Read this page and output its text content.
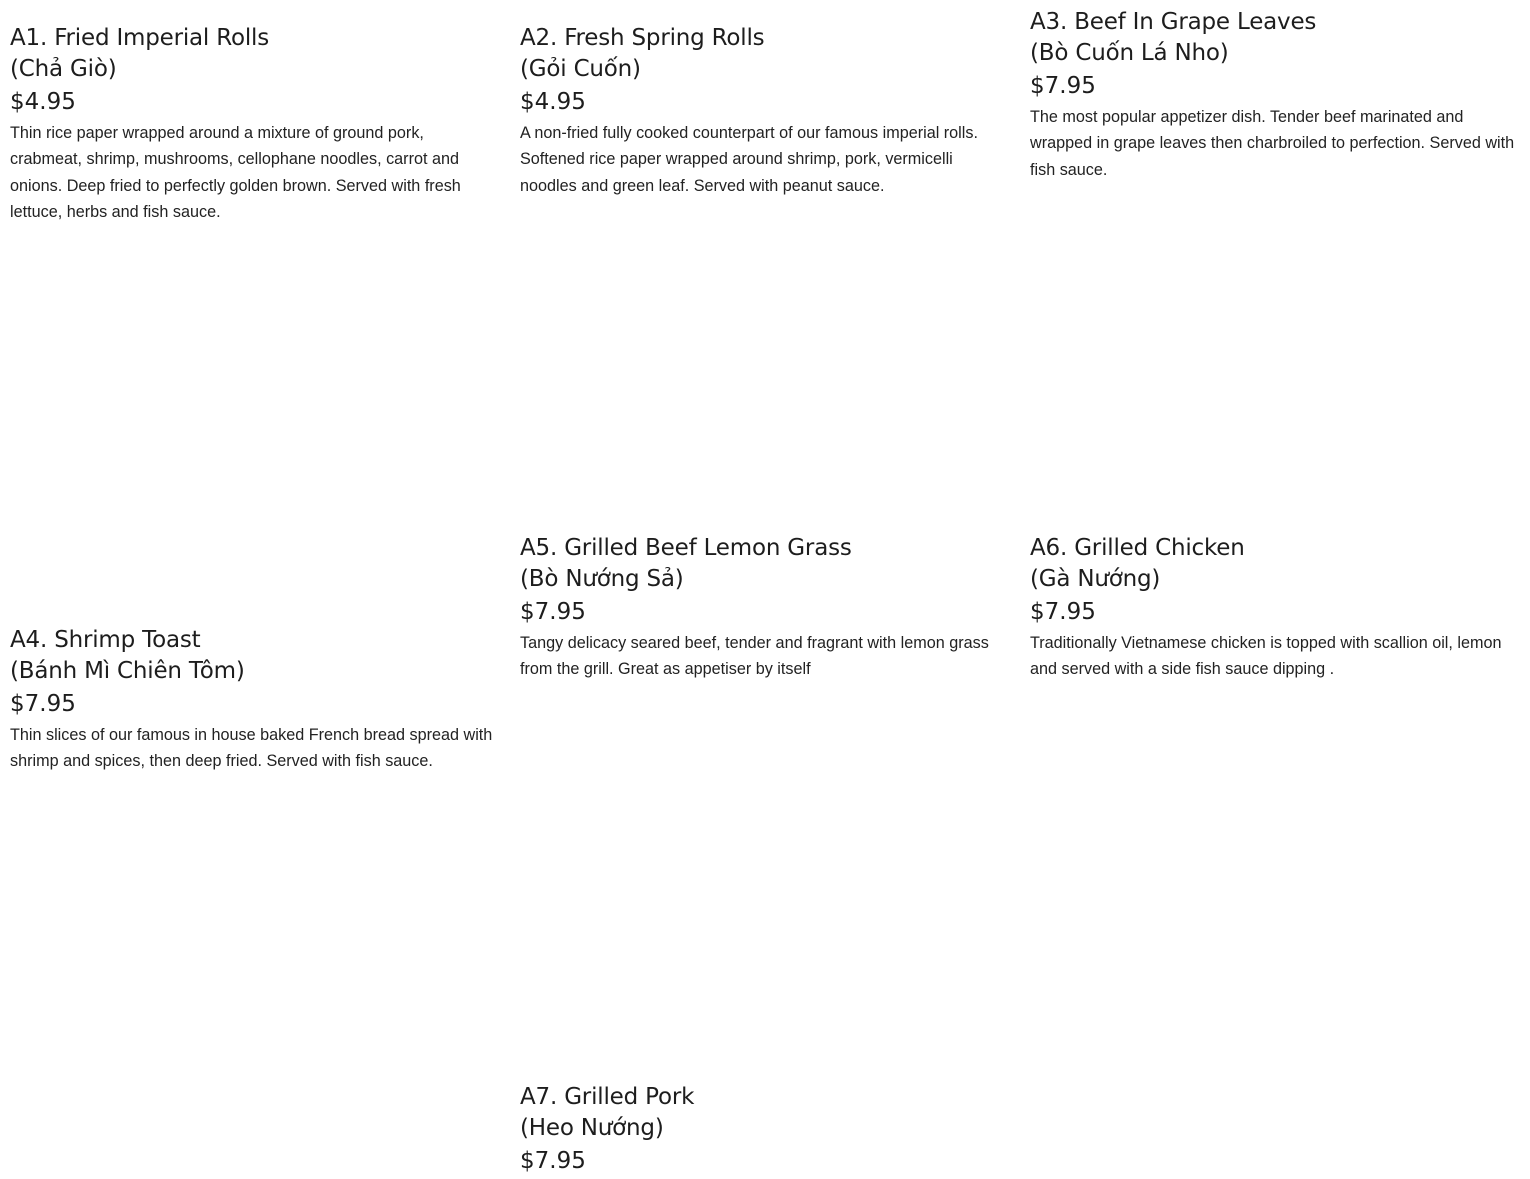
A1. Fried Imperial Rolls
(Chả Giò)
$4.95

Thin rice paper wrapped around a mixture of ground pork, crabmeat, shrimp, mushrooms, cellophane noodles, carrot and onions. Deep fried to perfectly golden brown. Served with fresh lettuce, herbs and fish sauce.

A2. Fresh Spring Rolls
(Gỏi Cuốn)
$4.95

A non-fried fully cooked counterpart of our famous imperial rolls. Softened rice paper wrapped around shrimp, pork, vermicelli noodles and green leaf. Served with peanut sauce.

A3. Beef In Grape Leaves
(Bò Cuốn Lá Nho)
$7.95

The most popular appetizer dish. Tender beef marinated and wrapped in grape leaves then charbroiled to perfection. Served with fish sauce.

A4. Shrimp Toast
(Bánh Mì Chiên Tôm)
$7.95

Thin slices of our famous in house baked French bread spread with shrimp and spices, then deep fried. Served with fish sauce.

A5. Grilled Beef Lemon Grass
(Bò Nướng Sả)
$7.95

Tangy delicacy seared beef, tender and fragrant with lemon grass from the grill. Great as appetiser by itself

A6. Grilled Chicken
(Gà Nướng)
$7.95

Traditionally Vietnamese chicken is topped with scallion oil, lemon and served with a side fish sauce dipping .

A7. Grilled Pork
(Heo Nướng)
$7.95
